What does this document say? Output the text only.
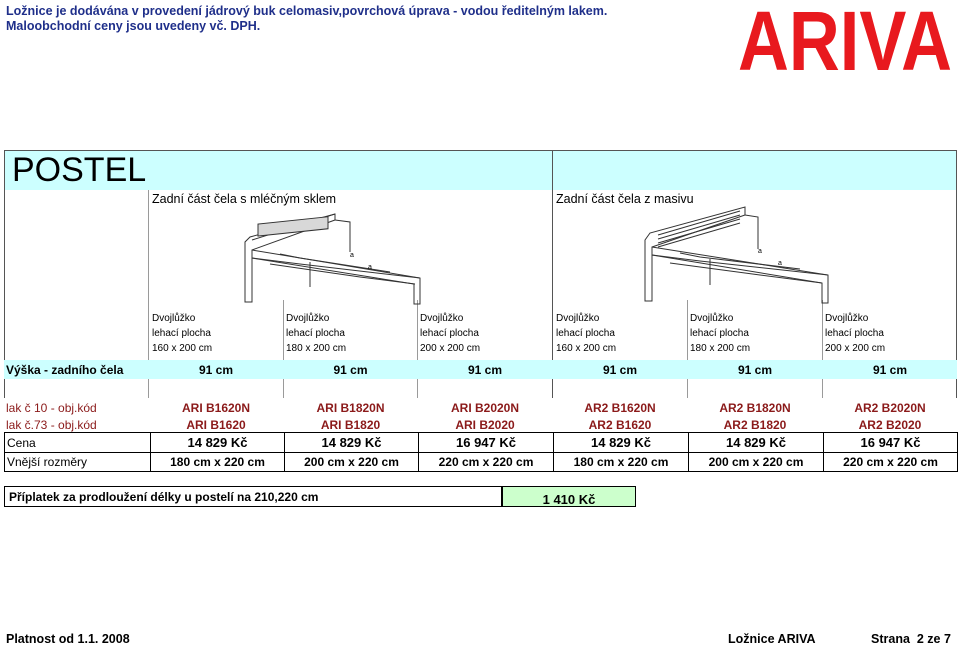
Ložnice je dodávána v provedení jádrový buk celomasiv,povrchová úprava - vodou ředitelným lakem.
Maloobchodní ceny jsou uvedeny vč. DPH.	ARIVA
POSTEL
Zadní část čela s mléčným sklem	Zadní část čela z masivu
a
a
a
a
Dvojlůžko
lehací plocha
160 x 200 cm
Dvojlůžko
lehací plocha
180 x 200 cm
Dvojlůžko
lehací plocha
200 x 200 cm
Dvojlůžko
lehací plocha
160 x 200 cm
Dvojlůžko
lehací plocha
180 x 200 cm
Dvojlůžko
lehací plocha
200 x 200 cm
Výška - zadního čela	91 cm	91 cm	91 cm	91 cm	91 cm	91 cm
lak č 10 - obj.kód	ARI B1620N	ARI B1820N	ARI B2020N	AR2 B1620N	AR2 B1820N	AR2 B2020N
lak č.73 - obj.kód	ARI B1620	ARI B1820	ARI B2020	AR2 B1620	AR2 B1820	AR2 B2020
Cena	14 829 Kč	14 829 Kč	16 947 Kč	14 829 Kč	14 829 Kč	16 947 Kč
Vnější rozměry	180 cm x 220 cm	200 cm x 220 cm	220 cm x 220 cm	180 cm x 220 cm	200 cm x 220 cm	220 cm x 220 cm
Příplatek za prodloužení délky u postelí na 210,220 cm	1 410 Kč
Platnost od 1.1. 2008	Ložnice ARIVA	Strana  2 ze 7
